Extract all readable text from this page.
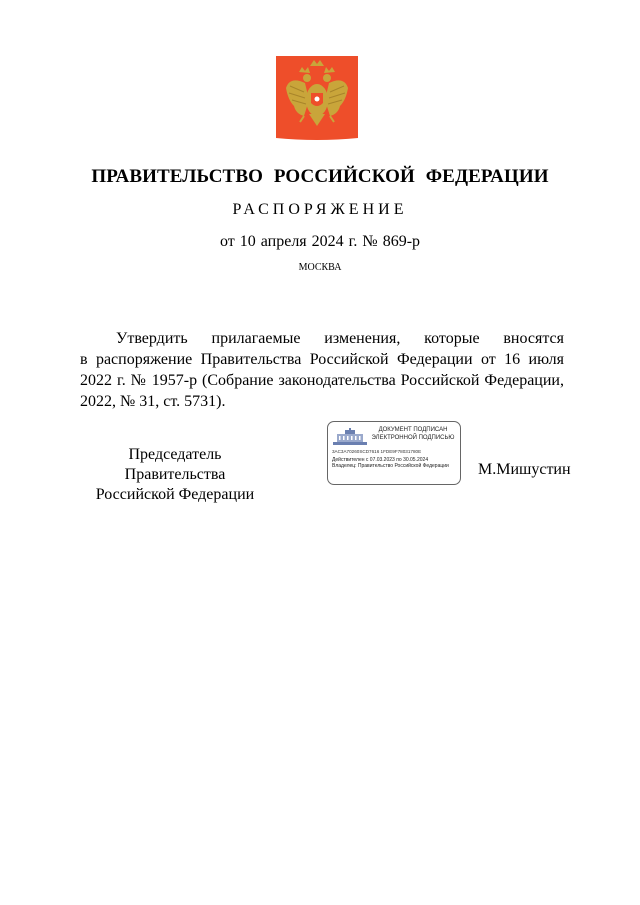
ПРАВИТЕЛЬСТВО РОССИЙСКОЙ ФЕДЕРАЦИИ
РАСПОРЯЖЕНИЕ
от 10 апреля 2024 г. № 869-р
МОСКВА

Утвердить прилагаемые изменения, которые вносятся

в распоряжение Правительства Российской Федерации от 16 июля 2022 г. № 1957-р (Собрание законодательства Российской Федерации, 2022, № 31, ст. 5731).

Председатель Правительства
Российской Федерации
ДОКУМЕНТ ПОДПИСАН
ЭЛЕКТРОННОЙ ПОДПИСЬЮ
3AC3A70260SCD7616 1FDE9F78031780E
Действителен с 07.03.2023 по 30.05.2024
Владелец: Правительство Российской Федерации	М.Мишустин
